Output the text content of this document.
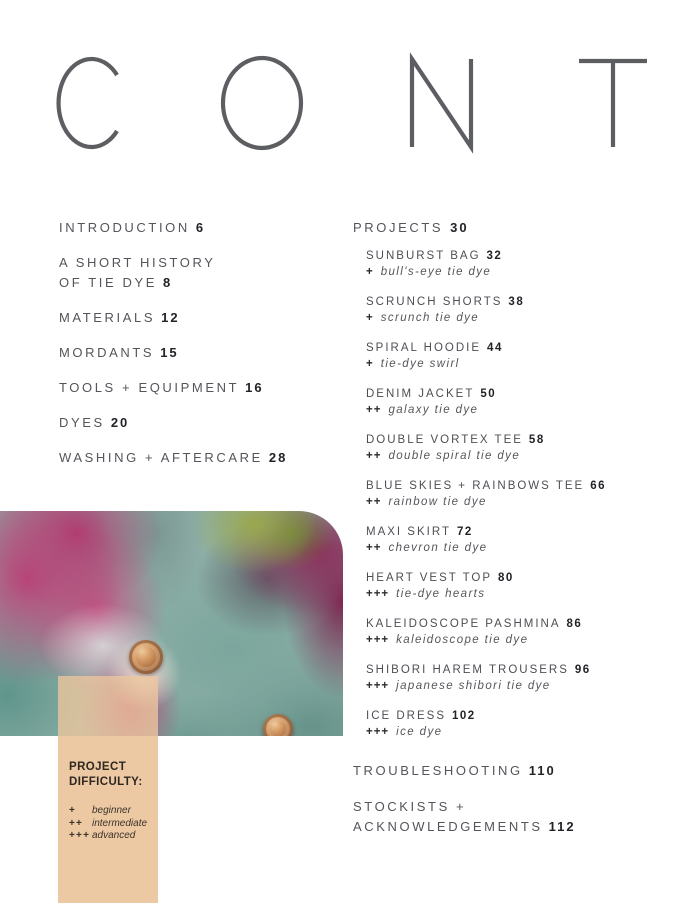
INTRODUCTION 6
A SHORT HISTORY
OF TIE DYE 8
MATERIALS 12
MORDANTS 15
TOOLS + EQUIPMENT 16
DYES 20
WASHING + AFTERCARE 28
PROJECTS 30
SUNBURST BAG 32
+ bull's-eye tie dye
SCRUNCH SHORTS 38
+ scrunch tie dye
SPIRAL HOODIE 44
+ tie-dye swirl
DENIM JACKET 50
++ galaxy tie dye
DOUBLE VORTEX TEE 58
++ double spiral tie dye
BLUE SKIES + RAINBOWS TEE 66
++ rainbow tie dye
MAXI SKIRT 72
++ chevron tie dye
HEART VEST TOP 80
+++ tie-dye hearts
KALEIDOSCOPE PASHMINA 86
+++ kaleidoscope tie dye
SHIBORI HAREM TROUSERS 96
+++ japanese shibori tie dye
ICE DRESS 102
+++ ice dye
TROUBLESHOOTING 110
STOCKISTS +
ACKNOWLEDGEMENTS 112
PROJECT
DIFFICULTY:
+ beginner
++ intermediate
+++ advanced
